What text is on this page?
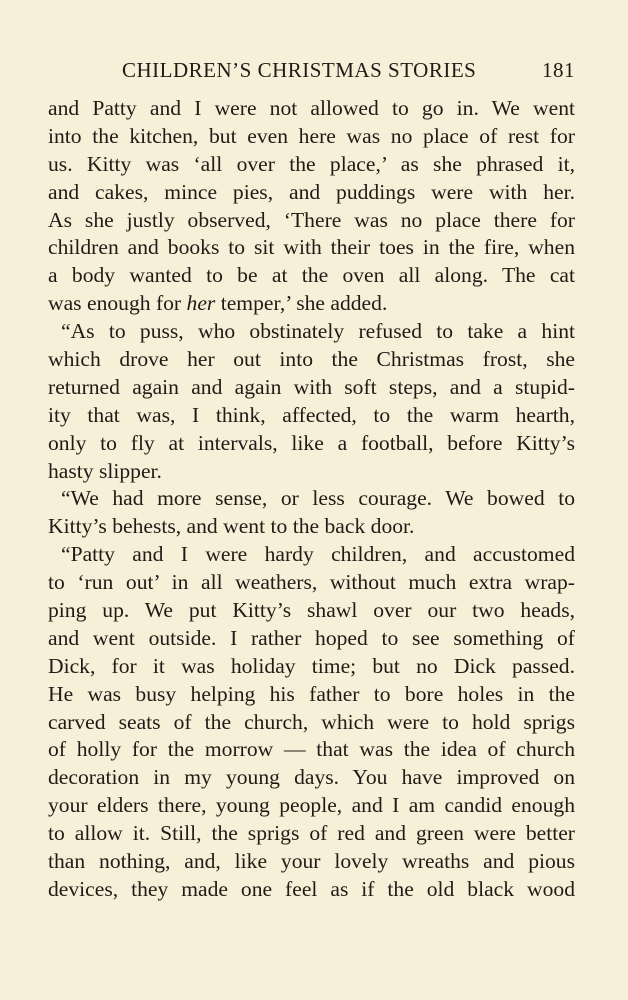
CHILDREN’S CHRISTMAS STORIES	181
and Patty and I were not allowed to go in. We went
into the kitchen, but even here was no place of rest for
us. Kitty was ‘all over the place,’ as she phrased it,
and cakes, mince pies, and puddings were with her.
As she justly observed, ‘There was no place there for
children and books to sit with their toes in the fire, when
a body wanted to be at the oven all along. The cat
was enough for her temper,’ she added.
“As to puss, who obstinately refused to take a hint
which drove her out into the Christmas frost, she
returned again and again with soft steps, and a stupid-
ity that was, I think, affected, to the warm hearth,
only to fly at intervals, like a football, before Kitty’s
hasty slipper.
“We had more sense, or less courage. We bowed to
Kitty’s behests, and went to the back door.
“Patty and I were hardy children, and accustomed
to ‘run out’ in all weathers, without much extra wrap-
ping up. We put Kitty’s shawl over our two heads,
and went outside. I rather hoped to see something of
Dick, for it was holiday time; but no Dick passed.
He was busy helping his father to bore holes in the
carved seats of the church, which were to hold sprigs
of holly for the morrow — that was the idea of church
decoration in my young days. You have improved on
your elders there, young people, and I am candid enough
to allow it. Still, the sprigs of red and green were better
than nothing, and, like your lovely wreaths and pious
devices, they made one feel as if the old black wood
